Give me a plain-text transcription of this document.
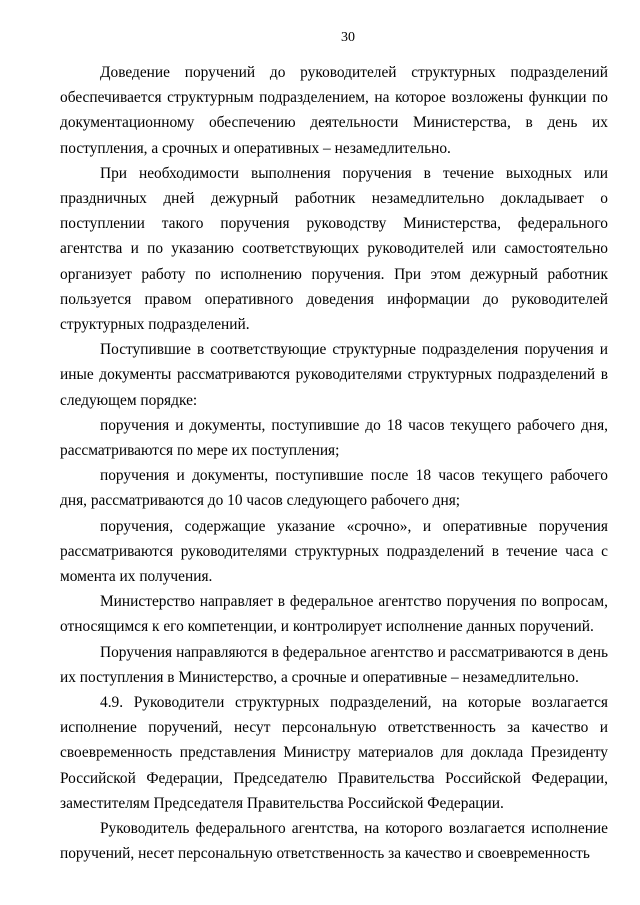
30

Доведение поручений до руководителей структурных подразделений обеспечивается структурным подразделением, на которое возложены функции по документационному обеспечению деятельности Министерства, в день их поступления, а срочных и оперативных – незамедлительно.

При необходимости выполнения поручения в течение выходных или праздничных дней дежурный работник незамедлительно докладывает о поступлении такого поручения руководству Министерства, федерального агентства и по указанию соответствующих руководителей или самостоятельно организует работу по исполнению поручения. При этом дежурный работник пользуется правом оперативного доведения информации до руководителей структурных подразделений.

Поступившие в соответствующие структурные подразделения поручения и иные документы рассматриваются руководителями структурных подразделений в следующем порядке:

поручения и документы, поступившие до 18 часов текущего рабочего дня, рассматриваются по мере их поступления;

поручения и документы, поступившие после 18 часов текущего рабочего дня, рассматриваются до 10 часов следующего рабочего дня;

поручения, содержащие указание «срочно», и оперативные поручения рассматриваются руководителями структурных подразделений в течение часа с момента их получения.

Министерство направляет в федеральное агентство поручения по вопросам, относящимся к его компетенции, и контролирует исполнение данных поручений.

Поручения направляются в федеральное агентство и рассматриваются в день их поступления в Министерство, а срочные и оперативные – незамедлительно.

4.9. Руководители структурных подразделений, на которые возлагается исполнение поручений, несут персональную ответственность за качество и своевременность представления Министру материалов для доклада Президенту Российской Федерации, Председателю Правительства Российской Федерации, заместителям Председателя Правительства Российской Федерации.

Руководитель федерального агентства, на которого возлагается исполнение поручений, несет персональную ответственность за качество и своевременность
